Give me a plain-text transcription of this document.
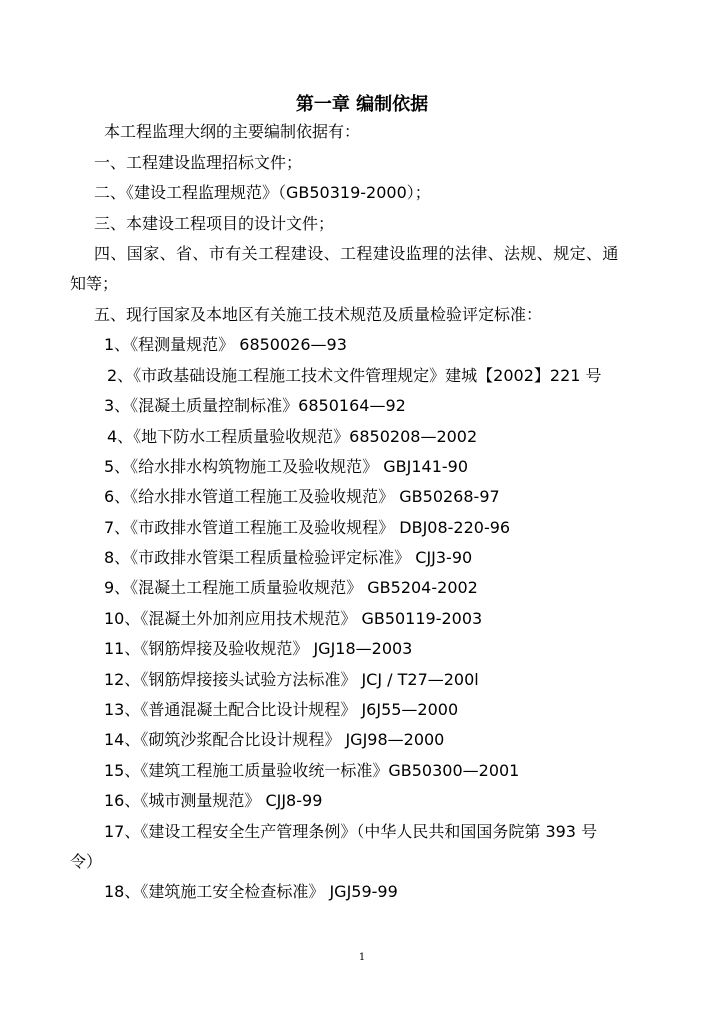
第一章 编制依据
本工程监理大纲的主要编制依据有：
一、工程建设监理招标文件；
二、《建设工程监理规范》（GB50319-2000）；
三、本建设工程项目的设计文件；
四、国家、省、市有关工程建设、工程建设监理的法律、法规、规定、通
知等；
五、现行国家及本地区有关施工技术规范及质量检验评定标准：
1、《程测量规范》 6850026—93
2、《市政基础设施工程施工技术文件管理规定》建城【2002】221 号
3、《混凝土质量控制标准》6850164—92
4、《地下防水工程质量验收规范》6850208—2002
5、《给水排水构筑物施工及验收规范》 GBJ141-90
6、《给水排水管道工程施工及验收规范》 GB50268-97
7、《市政排水管道工程施工及验收规程》 DBJ08-220-96
8、《市政排水管渠工程质量检验评定标准》 CJJ3-90
9、《混凝土工程施工质量验收规范》 GB5204-2002
10、《混凝土外加剂应用技术规范》 GB50119-2003
11、《钢筋焊接及验收规范》 JGJ18—2003
12、《钢筋焊接接头试验方法标准》 JCJ / T27—200l
13、《普通混凝土配合比设计规程》 J6J55—2000
14、《砌筑沙浆配合比设计规程》 JGJ98—2000
15、《建筑工程施工质量验收统一标准》GB50300—2001
16、《城市测量规范》 CJJ8-99
17、《建设工程安全生产管理条例》（中华人民共和国国务院第 393 号
令）
18、《建筑施工安全检查标准》 JGJ59-99
1
